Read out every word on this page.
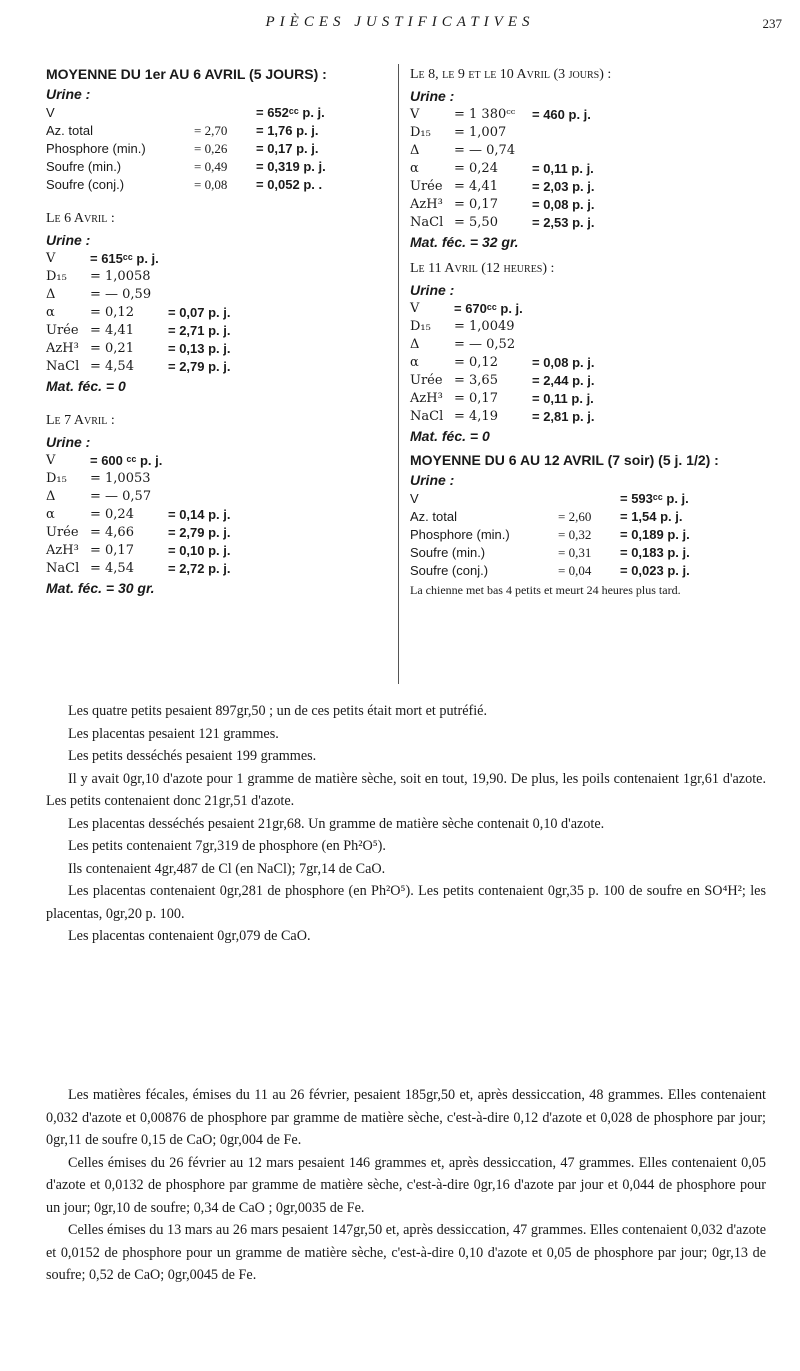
PIÈCES JUSTIFICATIVES	237
MOYENNE DU 1er AU 6 AVRIL (5 JOURS) :
Urine :
V	= 652ᶜᶜ p. j.
Az. total	= 2,70 = 1,76 p. j.
Phosphore (min.)	= 0,26 = 0,17 p. j.
Soufre (min.)	= 0,49 = 0,319 p. j.
Soufre (conj.)	= 0,08 = 0,052 p. .
Le 6 Avril :
Urine :
V	= 615ᶜᶜ p. j.
D₁₅ = 1,0058
Δ	= — 0,59
α	= 0,12	= 0,07 p. j.
Urée = 4,41	= 2,71 p. j.
AzH³ = 0,21	= 0,13 p. j.
NaCl = 4,54	= 2,79 p. j.
Mat. féc. = 0
Le 7 Avril :
Urine :
V	= 600 ᶜᶜ p. j.
D₁₅ = 1,0053
Δ	= — 0,57
α	= 0,24	= 0,14 p. j.
Urée = 4,66	= 2,79 p. j.
AzH³ = 0,17	= 0,10 p. j.
NaCl = 4,54	= 2,72 p. j.
Mat. féc. = 30 gr.
Le 8, le 9 et le 10 Avril (3 jours) :
Urine :
V	= 1 380ᶜᶜ = 460 p. j.
D₁₅ = 1,007
Δ	= — 0,74
α	= 0,24	= 0,11 p. j.
Urée = 4,41	= 2,03 p. j.
AzH³ = 0,17	= 0,08 p. j.
NaCl = 5,50	= 2,53 p. j.
Mat. féc. = 32 gr.
Le 11 Avril (12 heures) :
Urine :
V	= 670ᶜᶜ p. j.
D₁₅ = 1,0049
Δ	= — 0,52
α	= 0,12	= 0,08 p. j.
Urée = 3,65	= 2,44 p. j.
AzH³ = 0,17	= 0,11 p. j.
NaCl = 4,19	= 2,81 p. j.
Mat. féc. = 0
MOYENNE DU 6 AU 12 AVRIL (7 soir) (5 j. 1/2) :
Urine :
V	= 593ᶜᶜ p. j.
Az. total	= 2,60 = 1,54 p. j.
Phosphore (min.)	= 0,32 = 0,189 p. j.
Soufre (min.)	= 0,31 = 0,183 p. j.
Soufre (conj.)	= 0,04 = 0,023 p. j.
La chienne met bas 4 petits et meurt 24 heures plus tard.

Les quatre petits pesaient 897gr,50 ; un de ces petits était mort et putréfié.

Les placentas pesaient 121 grammes.

Les petits desséchés pesaient 199 grammes.

Il y avait 0gr,10 d'azote pour 1 gramme de matière sèche, soit en tout, 19,90. De plus, les poils contenaient 1gr,61 d'azote. Les petits contenaient donc 21gr,51 d'azote.

Les placentas desséchés pesaient 21gr,68. Un gramme de matière sèche contenait 0,10 d'azote.

Les petits contenaient 7gr,319 de phosphore (en Ph²O⁵).

Ils contenaient 4gr,487 de Cl (en NaCl); 7gr,14 de CaO.

Les placentas contenaient 0gr,281 de phosphore (en Ph²O⁵). Les petits contenaient 0gr,35 p. 100 de soufre en SO⁴H²; les placentas, 0gr,20 p. 100.

Les placentas contenaient 0gr,079 de CaO.

Les matières fécales, émises du 11 au 26 février, pesaient 185gr,50 et, après dessiccation, 48 grammes. Elles contenaient 0,032 d'azote et 0,00876 de phosphore par gramme de matière sèche, c'est-à-dire 0,12 d'azote et 0,028 de phosphore par jour; 0gr,11 de soufre 0,15 de CaO; 0gr,004 de Fe.

Celles émises du 26 février au 12 mars pesaient 146 grammes et, après dessiccation, 47 grammes. Elles contenaient 0,05 d'azote et 0,0132 de phosphore par gramme de matière sèche, c'est-à-dire 0gr,16 d'azote par jour et 0,044 de phosphore pour un jour; 0gr,10 de soufre; 0,34 de CaO ; 0gr,0035 de Fe.

Celles émises du 13 mars au 26 mars pesaient 147gr,50 et, après dessiccation, 47 grammes. Elles contenaient 0,032 d'azote et 0,0152 de phosphore pour un gramme de matière sèche, c'est-à-dire 0,10 d'azote et 0,05 de phosphore par jour; 0gr,13 de soufre; 0,52 de CaO; 0gr,0045 de Fe.
